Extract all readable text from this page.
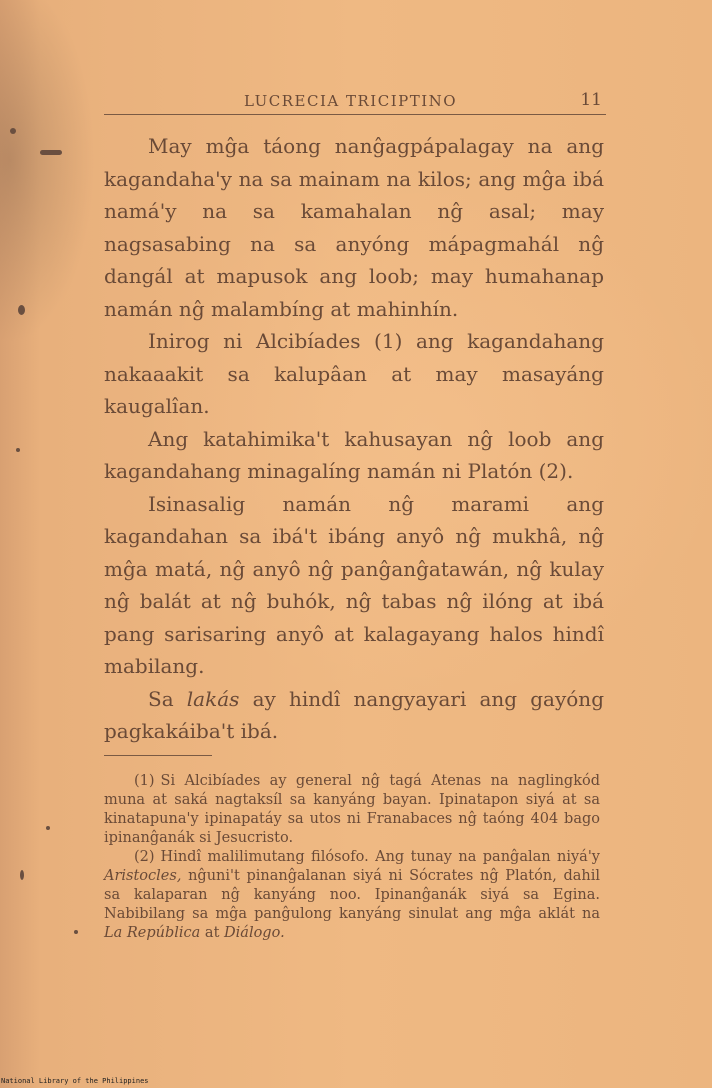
LUCRECIA TRICIPTINO	11

May mĝa táong nanĝagpápalagay na ang kagandaha'y na sa mainam na kilos; ang mĝa ibá namá'y na sa kamahalan nĝ asal; may nagsasabing na sa anyóng mápagmahál nĝ dangál at mapusok ang loob; may humahanap namán nĝ malambíng at mahinhín.

Inirog ni Alcibíades (1) ang kagandahang nakaaakit sa kalupâan at may masayáng kaugalîan.

Ang katahimika't kahusayan nĝ loob ang kagandahang minagalíng namán ni Platón (2).

Isinasalig namán nĝ marami ang kagandahan sa ibá't ibáng anyô nĝ mukhâ, nĝ mĝa matá, nĝ anyô nĝ panĝanĝatawán, nĝ kulay nĝ balát at nĝ buhók, nĝ tabas nĝ ilóng at ibá pang sarisaring anyô at kalagayang halos hindî mabilang.

Sa lakás ay hindî nangyayari ang gayóng pagkakáiba't ibá.

(1) Si Alcibíades ay general nĝ tagá Atenas na naglingkód muna at saká nagtaksíl sa kanyáng bayan. Ipinatapon siyá at sa kinatapuna'y ipinapatáy sa utos ni Franabaces nĝ taóng 404 bago ipinanĝanák si Jesucristo.

(2) Hindî malilimutang filósofo. Ang tunay na panĝalan niyá'y Aristocles, nĝuni't pinanĝalanan siyá ni Sócrates nĝ Platón, dahil sa kalaparan nĝ kanyáng noo. Ipinanĝanák siyá sa Egina. Nabibilang sa mĝa panĝulong kanyáng sinulat ang mĝa aklát na La República at Diálogo.

National Library of the Philippines
